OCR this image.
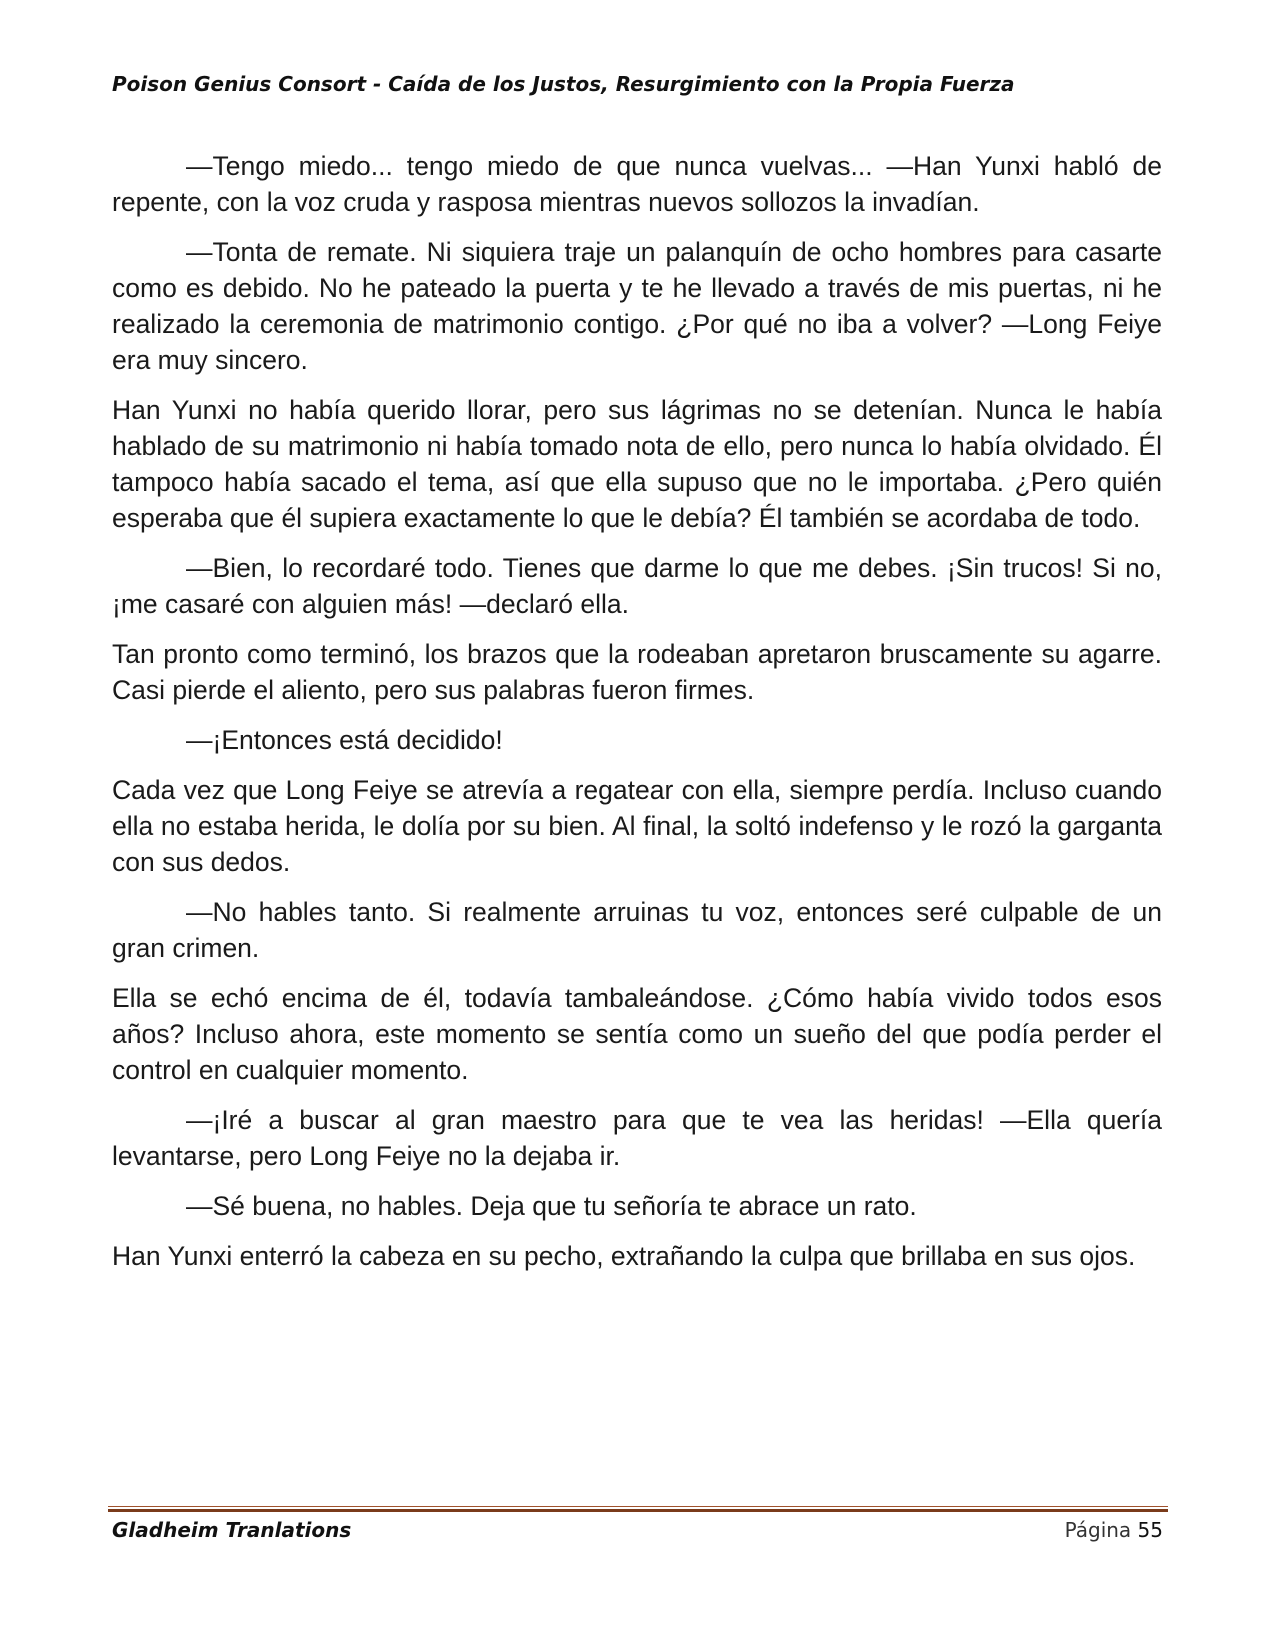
Poison Genius Consort - Caída de los Justos, Resurgimiento con la Propia Fuerza

—Tengo miedo... tengo miedo de que nunca vuelvas... —Han Yunxi habló de repente, con la voz cruda y rasposa mientras nuevos sollozos la invadían.

—Tonta de remate. Ni siquiera traje un palanquín de ocho hombres para casarte como es debido. No he pateado la puerta y te he llevado a través de mis puertas, ni he realizado la ceremonia de matrimonio contigo. ¿Por qué no iba a volver? —Long Feiye era muy sincero.

Han Yunxi no había querido llorar, pero sus lágrimas no se detenían. Nunca le había hablado de su matrimonio ni había tomado nota de ello, pero nunca lo había olvidado. Él tampoco había sacado el tema, así que ella supuso que no le importaba. ¿Pero quién esperaba que él supiera exactamente lo que le debía? Él también se acordaba de todo.

—Bien, lo recordaré todo. Tienes que darme lo que me debes. ¡Sin trucos! Si no, ¡me casaré con alguien más! —declaró ella.

Tan pronto como terminó, los brazos que la rodeaban apretaron bruscamente su agarre. Casi pierde el aliento, pero sus palabras fueron firmes.

—¡Entonces está decidido!

Cada vez que Long Feiye se atrevía a regatear con ella, siempre perdía. Incluso cuando ella no estaba herida, le dolía por su bien. Al final, la soltó indefenso y le rozó la garganta con sus dedos.

—No hables tanto. Si realmente arruinas tu voz, entonces seré culpable de un gran crimen.

Ella se echó encima de él, todavía tambaleándose. ¿Cómo había vivido todos esos años? Incluso ahora, este momento se sentía como un sueño del que podía perder el control en cualquier momento.

—¡Iré a buscar al gran maestro para que te vea las heridas! —Ella quería levantarse, pero Long Feiye no la dejaba ir.

—Sé buena, no hables. Deja que tu señoría te abrace un rato.

Han Yunxi enterró la cabeza en su pecho, extrañando la culpa que brillaba en sus ojos.

Gladheim Tranlations	Página 55
